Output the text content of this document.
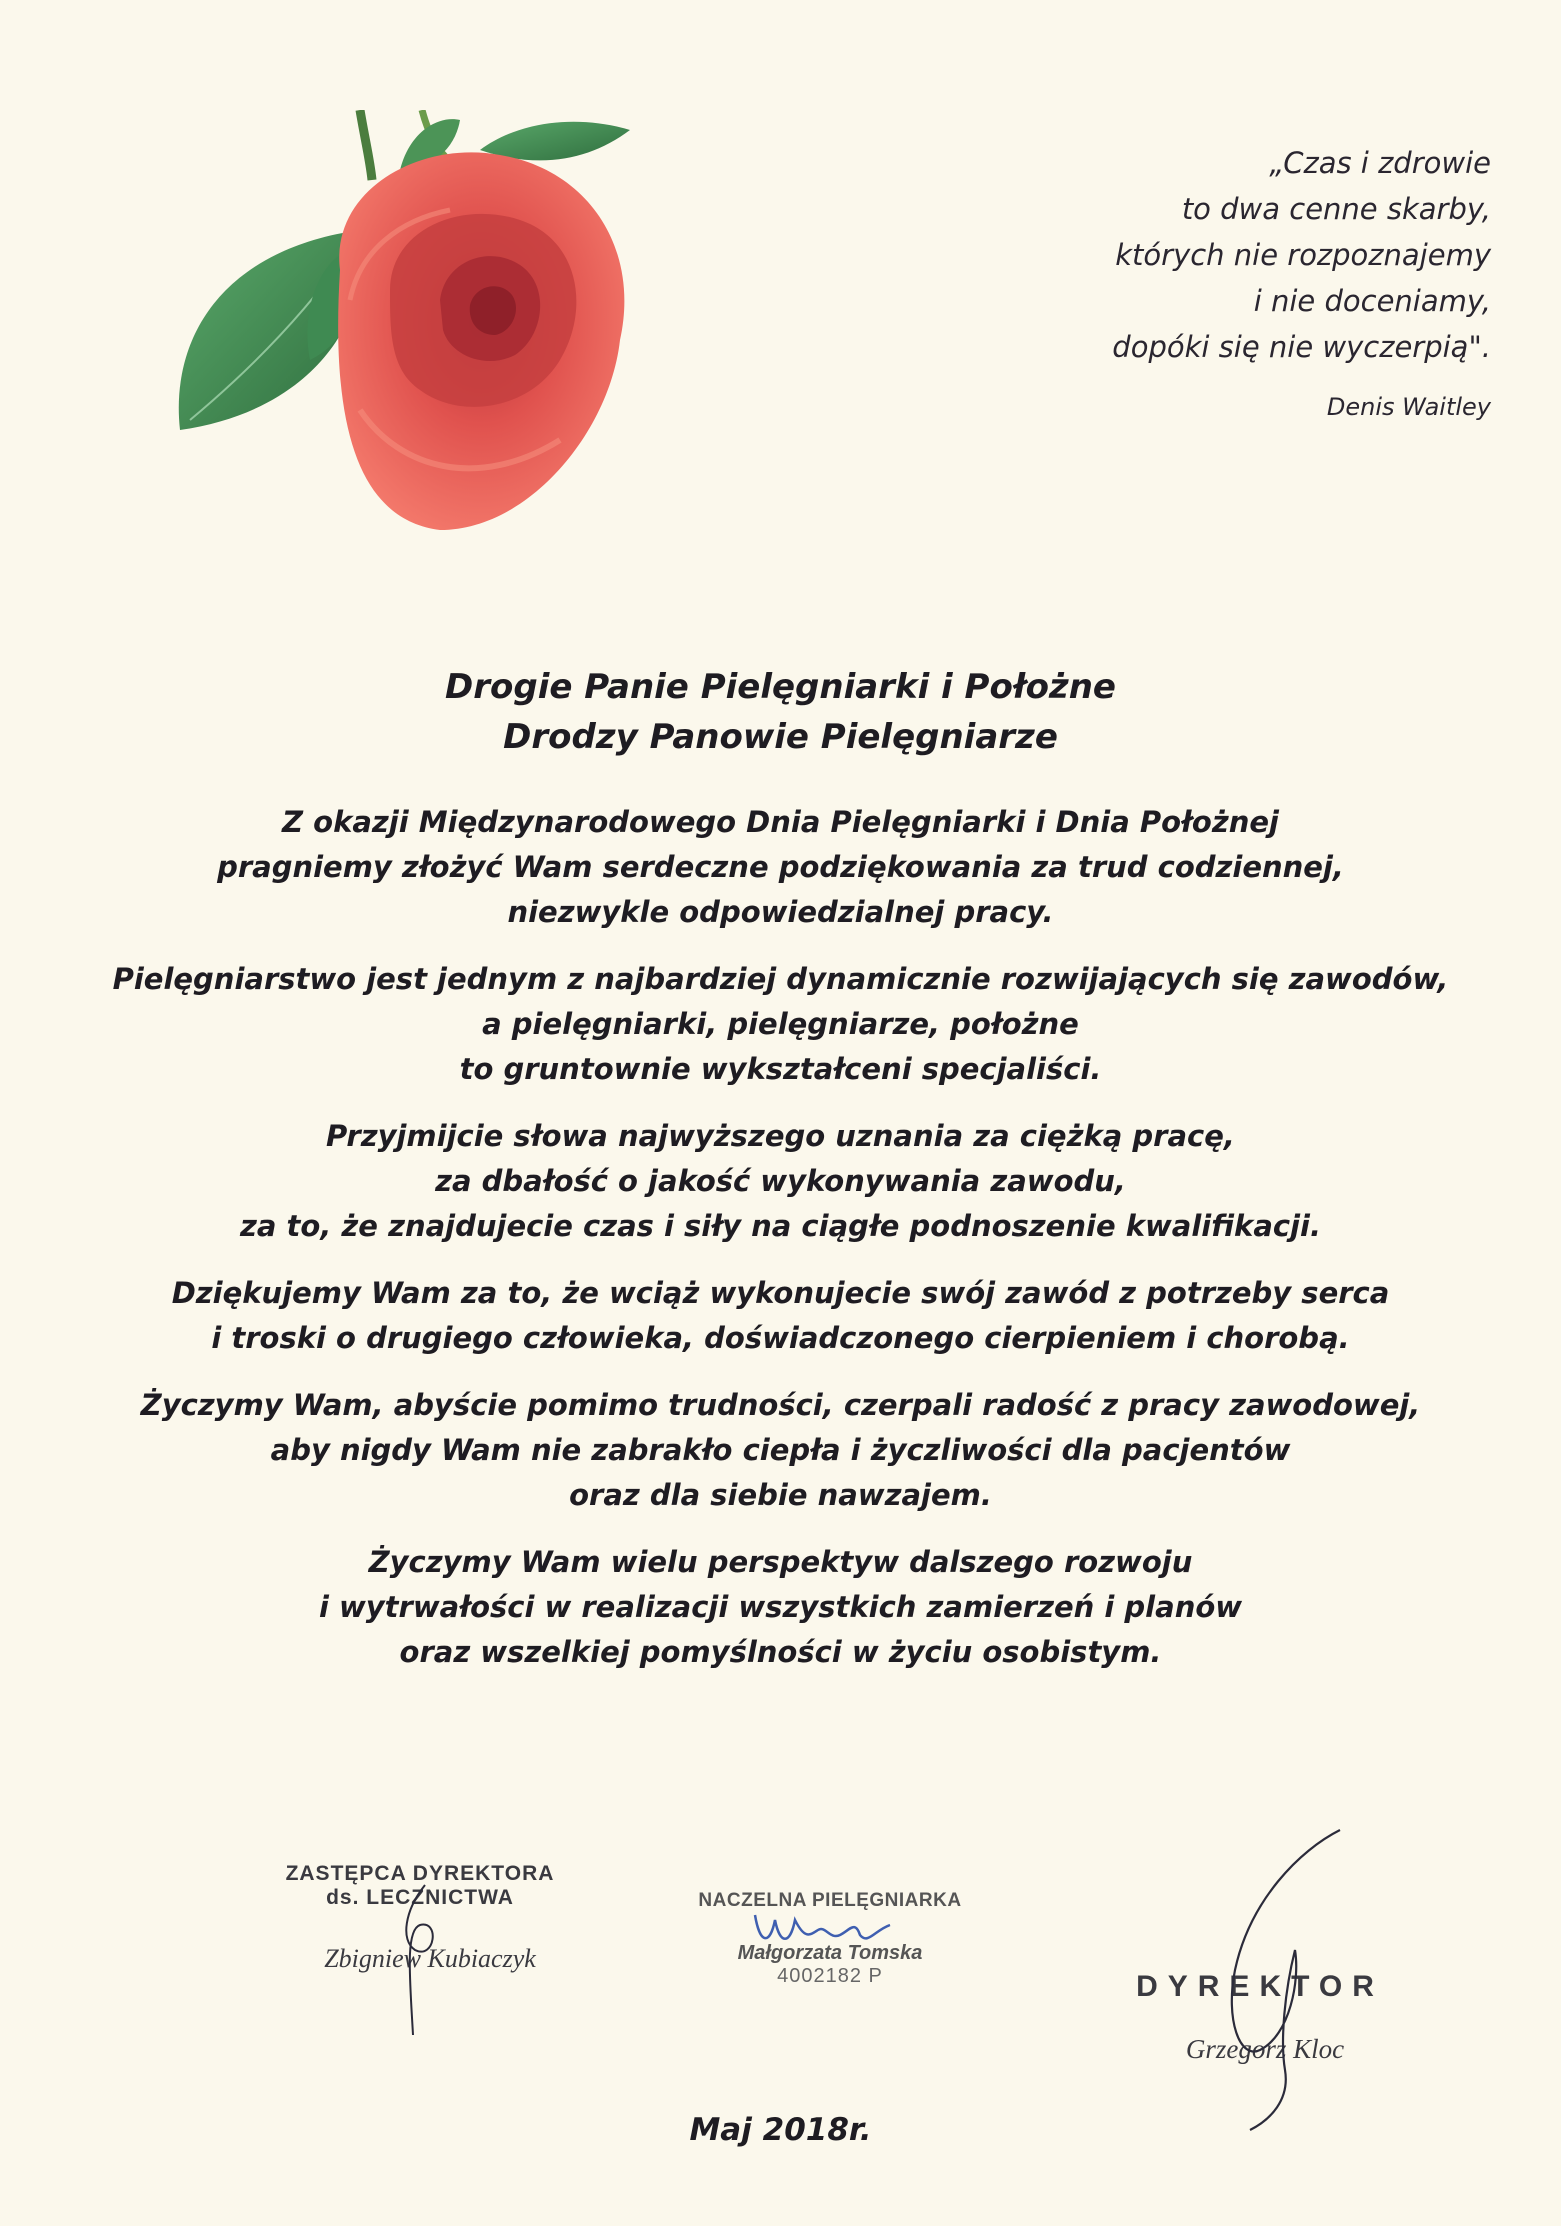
„Czas i zdrowie
to dwa cenne skarby,
których nie rozpoznajemy
i nie doceniamy,
dopóki się nie wyczerpią".
Denis Waitley
Drogie Panie Pielęgniarki i Położne
Drodzy Panowie Pielęgniarze
Z okazji Międzynarodowego Dnia Pielęgniarki i Dnia Położnej
pragniemy złożyć Wam serdeczne podziękowania za trud codziennej,
niezwykle odpowiedzialnej pracy.
Pielęgniarstwo jest jednym z najbardziej dynamicznie rozwijających się zawodów,
a pielęgniarki, pielęgniarze, położne
to gruntownie wykształceni specjaliści.
Przyjmijcie słowa najwyższego uznania za ciężką pracę,
za dbałość o jakość wykonywania zawodu,
za to, że znajdujecie czas i siły na ciągłe podnoszenie kwalifikacji.
Dziękujemy Wam za to, że wciąż wykonujecie swój zawód z potrzeby serca
i troski o drugiego człowieka, doświadczonego cierpieniem i chorobą.
Życzymy Wam, abyście pomimo trudności, czerpali radość z pracy zawodowej,
aby nigdy Wam nie zabrakło ciepła i życzliwości dla pacjentów
oraz dla siebie nawzajem.
Życzymy Wam wielu perspektyw dalszego rozwoju
i wytrwałości w realizacji wszystkich zamierzeń i planów
oraz wszelkiej pomyślności w życiu osobistym.
ZASTĘPCA DYREKTORA
ds. LECZNICTWA
Zbigniew Kubiaczyk
NACZELNA PIELĘGNIARKA
Małgorzata Tomska
4002182 P	DYREKTOR
Grzegorz Kloc
Maj 2018r.
